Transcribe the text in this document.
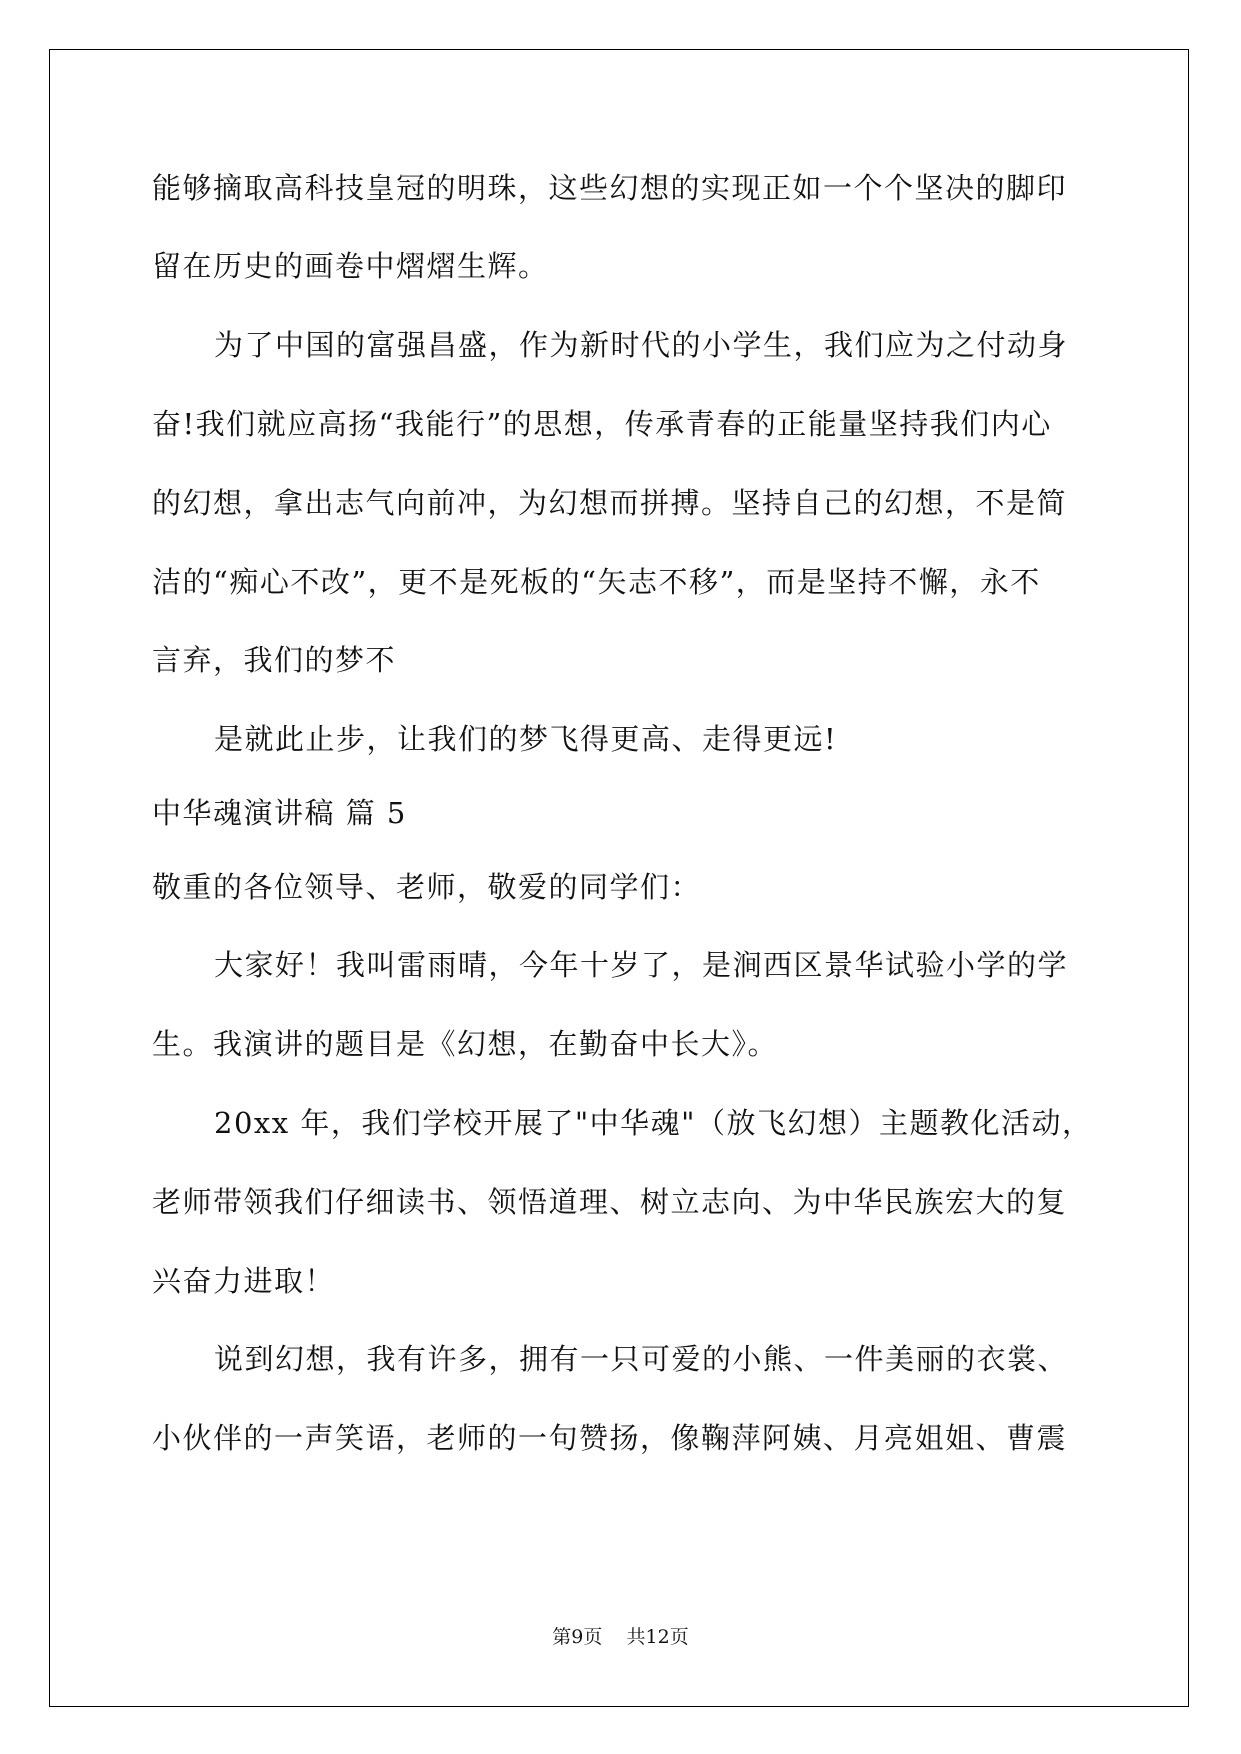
能够摘取高科技皇冠的明珠，这些幻想的实现正如一个个坚决的脚印

留在历史的画卷中熠熠生辉。

为了中国的富强昌盛，作为新时代的小学生，我们应为之付动身

奋!我们就应高扬“我能行”的思想，传承青春的正能量坚持我们内心

的幻想，拿出志气向前冲，为幻想而拼搏。坚持自己的幻想，不是简

洁的“痴心不改”，更不是死板的“矢志不移”，而是坚持不懈，永不

言弃，我们的梦不

是就此止步，让我们的梦飞得更高、走得更远!

中华魂演讲稿 篇 5

敬重的各位领导、老师，敬爱的同学们：

大家好！我叫雷雨晴，今年十岁了，是涧西区景华试验小学的学

生。我演讲的题目是《幻想，在勤奋中长大》。

20xx 年，我们学校开展了"中华魂"（放飞幻想）主题教化活动，

老师带领我们仔细读书、领悟道理、树立志向、为中华民族宏大的复

兴奋力进取！

说到幻想，我有许多，拥有一只可爱的小熊、一件美丽的衣裳、

小伙伴的一声笑语，老师的一句赞扬，像鞠萍阿姨、月亮姐姐、曹震

第9页 共12页
